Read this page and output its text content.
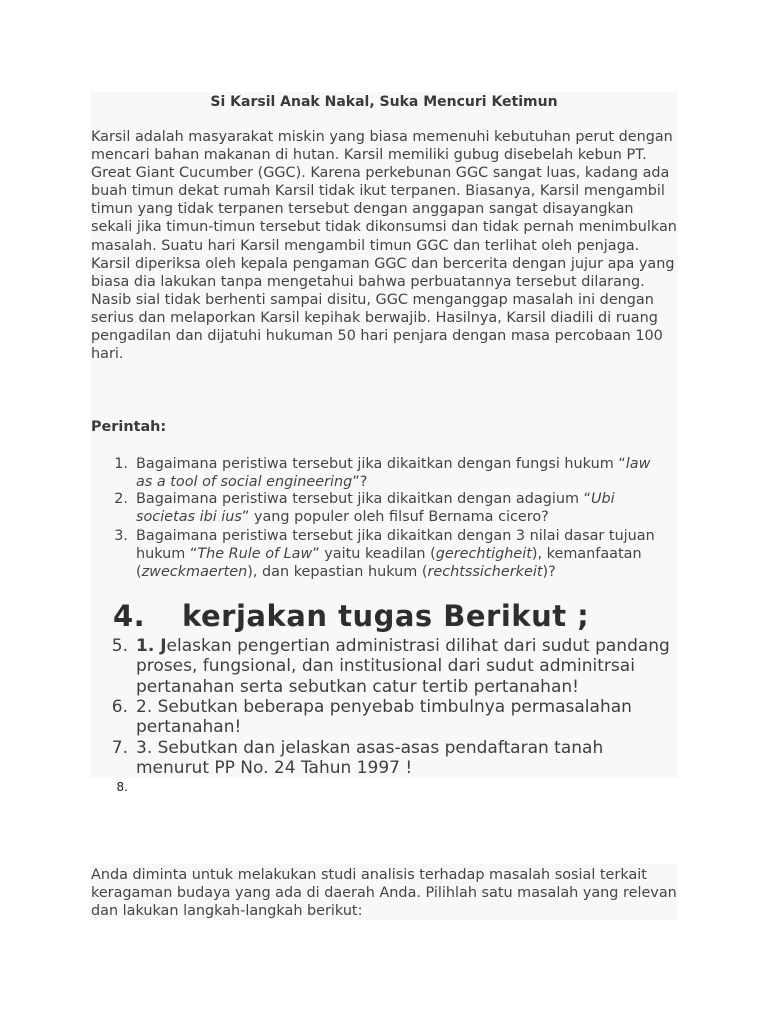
Si Karsil Anak Nakal, Suka Mencuri Ketimun
Karsil adalah masyarakat miskin yang biasa memenuhi kebutuhan perut dengan mencari bahan makanan di hutan. Karsil memiliki gubug disebelah kebun PT. Great Giant Cucumber (GGC). Karena perkebunan GGC sangat luas, kadang ada buah timun dekat rumah Karsil tidak ikut terpanen. Biasanya, Karsil mengambil timun yang tidak terpanen tersebut dengan anggapan sangat disayangkan sekali jika timun-timun tersebut tidak dikonsumsi dan tidak pernah menimbulkan masalah. Suatu hari Karsil mengambil timun GGC dan terlihat oleh penjaga. Karsil diperiksa oleh kepala pengaman GGC dan bercerita dengan jujur apa yang biasa dia lakukan tanpa mengetahui bahwa perbuatannya tersebut dilarang. Nasib sial tidak berhenti sampai disitu, GGC menganggap masalah ini dengan serius dan melaporkan Karsil kepihak berwajib. Hasilnya, Karsil diadili di ruang pengadilan dan dijatuhi hukuman 50 hari penjara dengan masa percobaan 100 hari.
Perintah:
1. Bagaimana peristiwa tersebut jika dikaitkan dengan fungsi hukum “law as a tool of social engineering”?
2. Bagaimana peristiwa tersebut jika dikaitkan dengan adagium “Ubi societas ibi ius” yang populer oleh filsuf Bernama cicero?
3. Bagaimana peristiwa tersebut jika dikaitkan dengan 3 nilai dasar tujuan hukum “The Rule of Law” yaitu keadilan (gerechtigheit), kemanfaatan (zweckmaerten), dan kepastian hukum (rechtssicherkeit)?
4.	kerjakan tugas Berikut ;
5. 1. Jelaskan pengertian administrasi dilihat dari sudut pandang proses, fungsional, dan institusional dari sudut adminitrsai pertanahan serta sebutkan catur tertib pertanahan!
6. 2. Sebutkan beberapa penyebab timbulnya permasalahan pertanahan!
7. 3. Sebutkan dan jelaskan asas-asas pendaftaran tanah menurut PP No. 24 Tahun 1997 !
8.
Anda diminta untuk melakukan studi analisis terhadap masalah sosial terkait keragaman budaya yang ada di daerah Anda. Pilihlah satu masalah yang relevan dan lakukan langkah-langkah berikut:
